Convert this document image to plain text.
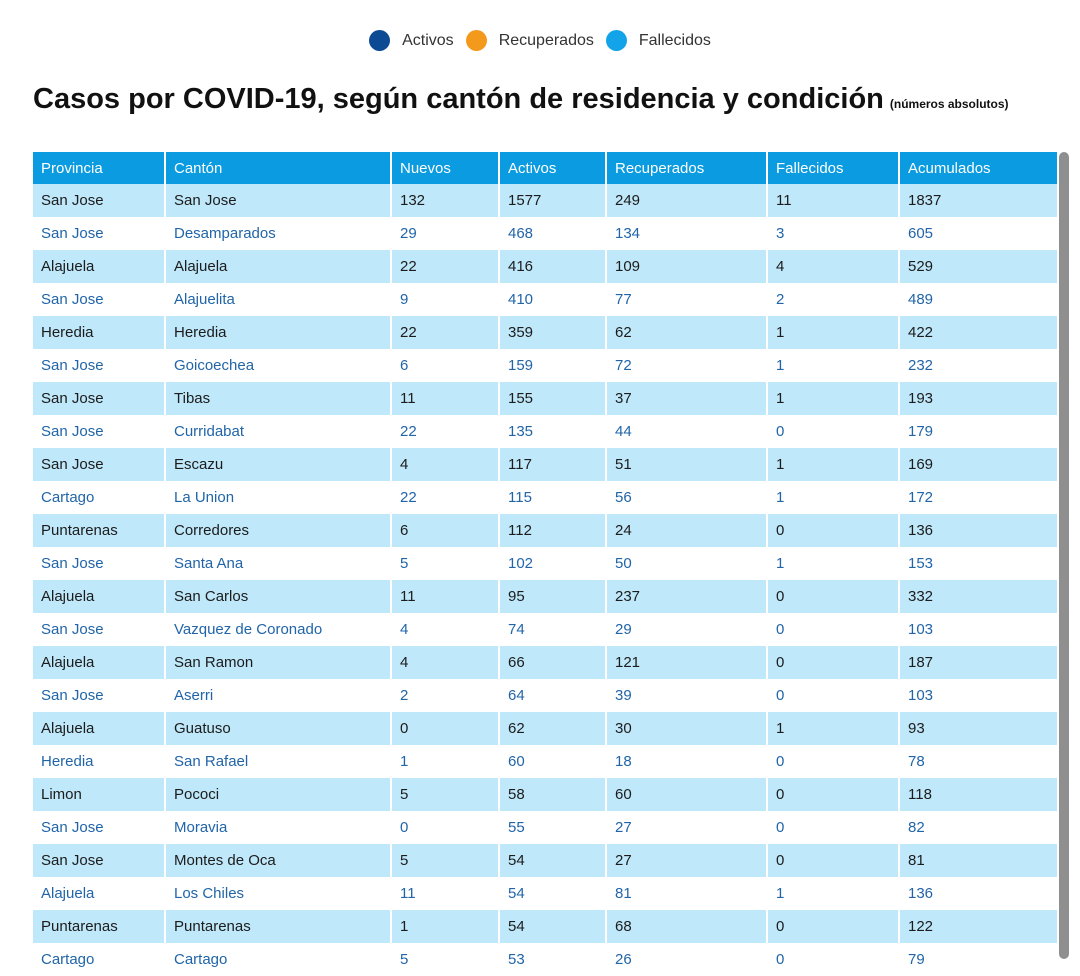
Activos	Recuperados	Fallecidos
Casos por COVID-19, según cantón de residencia y condición (números absolutos)
Provincia	Cantón	Nuevos	Activos	Recuperados	Fallecidos	Acumulados
San Jose	San Jose	132	1577	249	11	1837
San Jose	Desamparados	29	468	134	3	605
Alajuela	Alajuela	22	416	109	4	529
San Jose	Alajuelita	9	410	77	2	489
Heredia	Heredia	22	359	62	1	422
San Jose	Goicoechea	6	159	72	1	232
San Jose	Tibas	11	155	37	1	193
San Jose	Curridabat	22	135	44	0	179
San Jose	Escazu	4	117	51	1	169
Cartago	La Union	22	115	56	1	172
Puntarenas	Corredores	6	112	24	0	136
San Jose	Santa Ana	5	102	50	1	153
Alajuela	San Carlos	11	95	237	0	332
San Jose	Vazquez de Coronado	4	74	29	0	103
Alajuela	San Ramon	4	66	121	0	187
San Jose	Aserri	2	64	39	0	103
Alajuela	Guatuso	0	62	30	1	93
Heredia	San Rafael	1	60	18	0	78
Limon	Pococi	5	58	60	0	118
San Jose	Moravia	0	55	27	0	82
San Jose	Montes de Oca	5	54	27	0	81
Alajuela	Los Chiles	11	54	81	1	136
Puntarenas	Puntarenas	1	54	68	0	122
Cartago	Cartago	5	53	26	0	79
